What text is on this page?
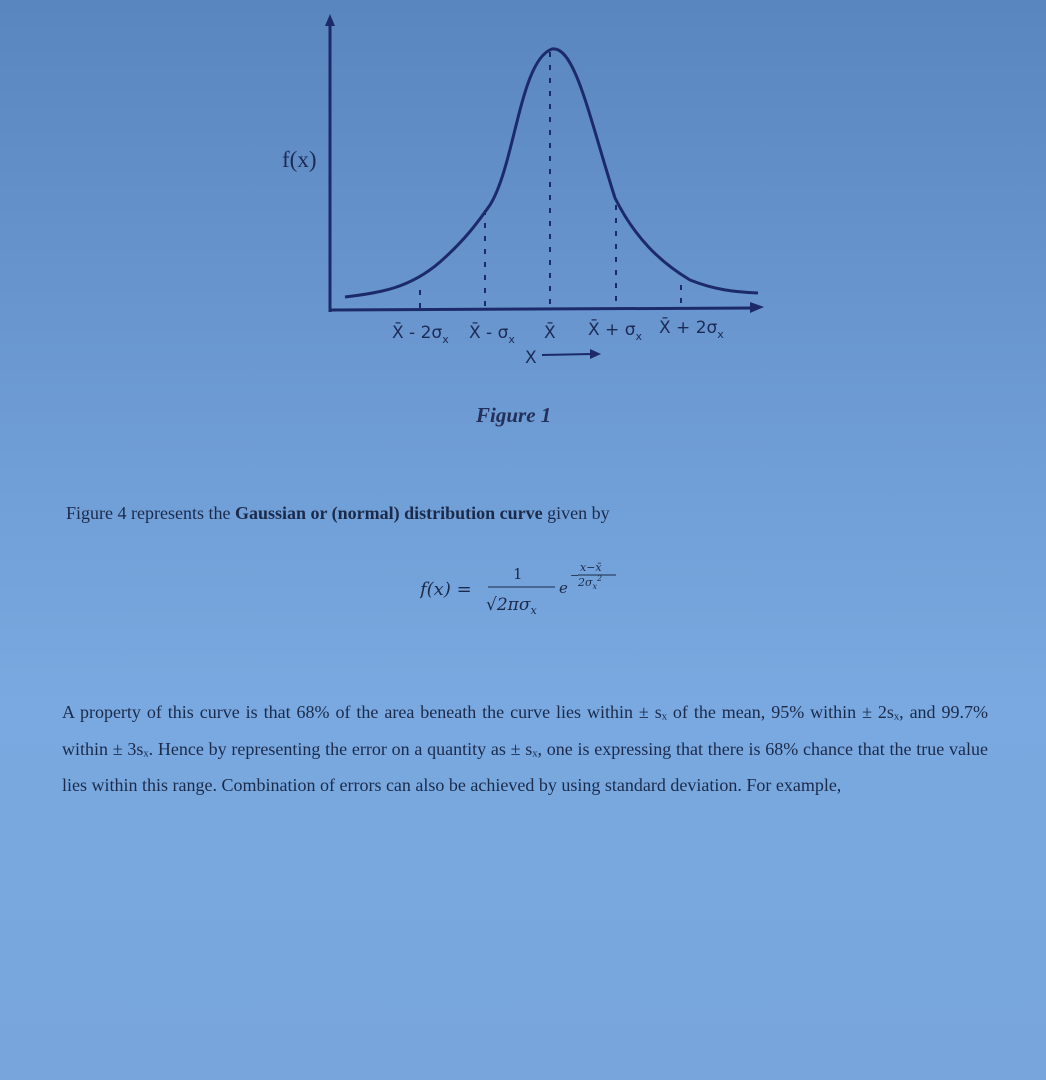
f(x)
X̄ - $2\sigma_x$ X̄ - $\sigma_x$ X̄ X̄ + $\sigma_x$ X̄ + $2\sigma_x$
X
Figure 1
Figure 4 represents the Gaussian or (normal) distribution curve given by
f(x) =
1
$√2\pi\sigma_x$
e
−
x−x̄
$2\sigma_x^2$
A property of this curve is that 68% of the area beneath the curve lies within ± sₓ of the mean, 95% within ± 2sₓ, and 99.7% within ± 3sₓ. Hence by representing the error on a quantity as ± sₓ, one is expressing that there is 68% chance that the true value lies within this range. Combination of errors can also be achieved by using standard deviation. For example,
